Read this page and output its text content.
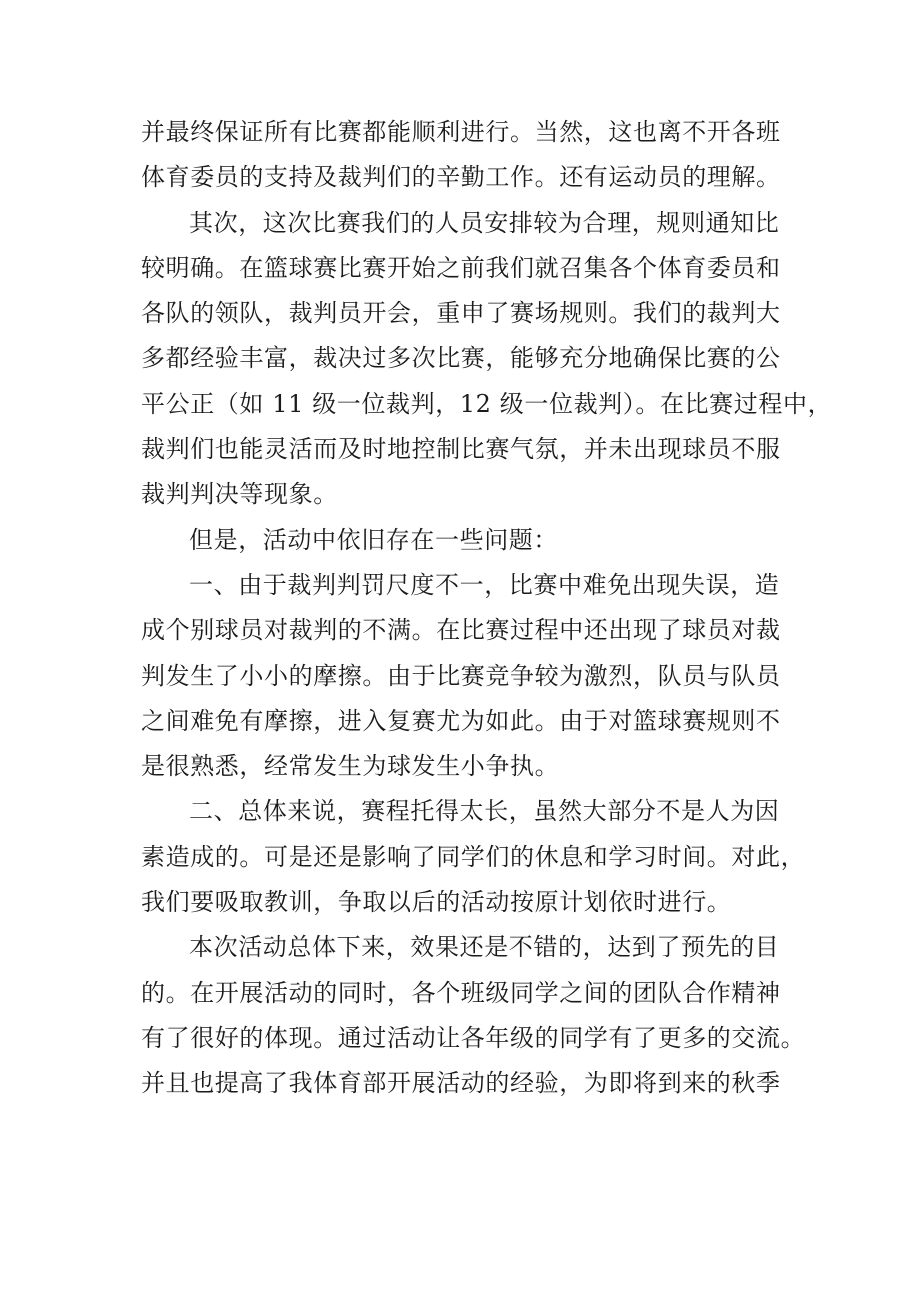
并最终保证所有比赛都能顺利进行。当然，这也离不开各班
体育委员的支持及裁判们的辛勤工作。还有运动员的理解。
其次，这次比赛我们的人员安排较为合理，规则通知比
较明确。在篮球赛比赛开始之前我们就召集各个体育委员和
各队的领队，裁判员开会，重申了赛场规则。我们的裁判大
多都经验丰富，裁决过多次比赛，能够充分地确保比赛的公
平公正（如 11 级一位裁判，12 级一位裁判）。在比赛过程中，
裁判们也能灵活而及时地控制比赛气氛，并未出现球员不服
裁判判决等现象。
但是，活动中依旧存在一些问题：
一、由于裁判判罚尺度不一，比赛中难免出现失误，造
成个别球员对裁判的不满。在比赛过程中还出现了球员对裁
判发生了小小的摩擦。由于比赛竞争较为激烈，队员与队员
之间难免有摩擦，进入复赛尤为如此。由于对篮球赛规则不
是很熟悉，经常发生为球发生小争执。
二、总体来说，赛程托得太长，虽然大部分不是人为因
素造成的。可是还是影响了同学们的休息和学习时间。对此，
我们要吸取教训，争取以后的活动按原计划依时进行。
本次活动总体下来，效果还是不错的，达到了预先的目
的。在开展活动的同时，各个班级同学之间的团队合作精神
有了很好的体现。通过活动让各年级的同学有了更多的交流。
并且也提高了我体育部开展活动的经验，为即将到来的秋季
